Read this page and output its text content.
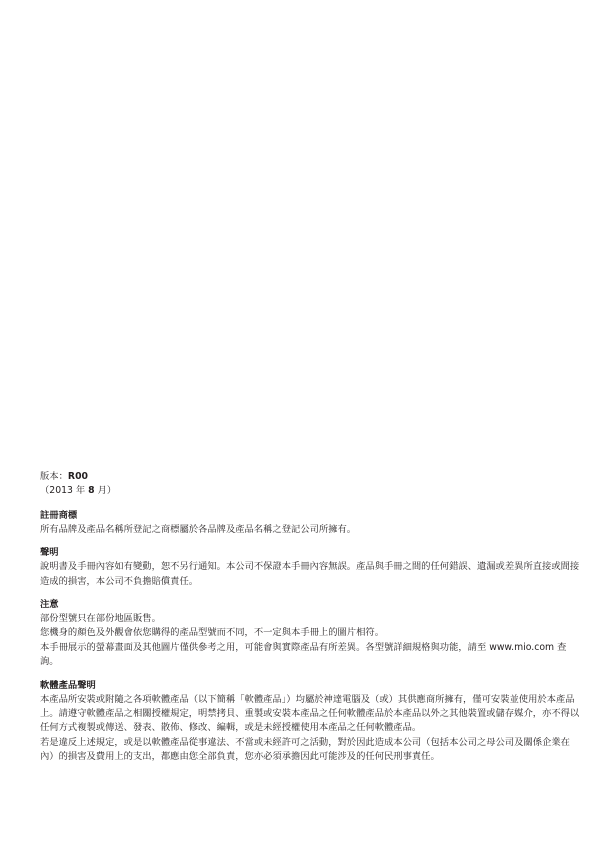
版本：R00

（2013 年 8 月）

註冊商標

所有品牌及產品名稱所登記之商標屬於各品牌及產品名稱之登記公司所擁有。

聲明

說明書及手冊內容如有變動，恕不另行通知。本公司不保證本手冊內容無誤。產品與手冊之間的任何錯誤、遺漏或差異所直接或間接造成的損害，本公司不負擔賠償責任。

注意

部份型號只在部份地區販售。

您機身的顏色及外觀會依您購得的產品型號而不同，不一定與本手冊上的圖片相符。

本手冊展示的螢幕畫面及其他圖片僅供參考之用，可能會與實際產品有所差異。各型號詳細規格與功能，請至 www.mio.com 查詢。

軟體產品聲明

本產品所安裝或附隨之各項軟體產品（以下簡稱「軟體產品」）均屬於神達電腦及（或）其供應商所擁有，僅可安裝並使用於本產品上。請遵守軟體產品之相關授權規定，明禁拷貝、重製或安裝本產品之任何軟體產品於本產品以外之其他裝置或儲存媒介，亦不得以任何方式複製或傳送、發表、散佈、修改、編輯，或是未經授權使用本產品之任何軟體產品。

若是違反上述規定，或是以軟體產品從事違法、不當或未經許可之活動，對於因此造成本公司（包括本公司之母公司及關係企業在內）的損害及費用上的支出，都應由您全部負責，您亦必須承擔因此可能涉及的任何民刑事責任。
